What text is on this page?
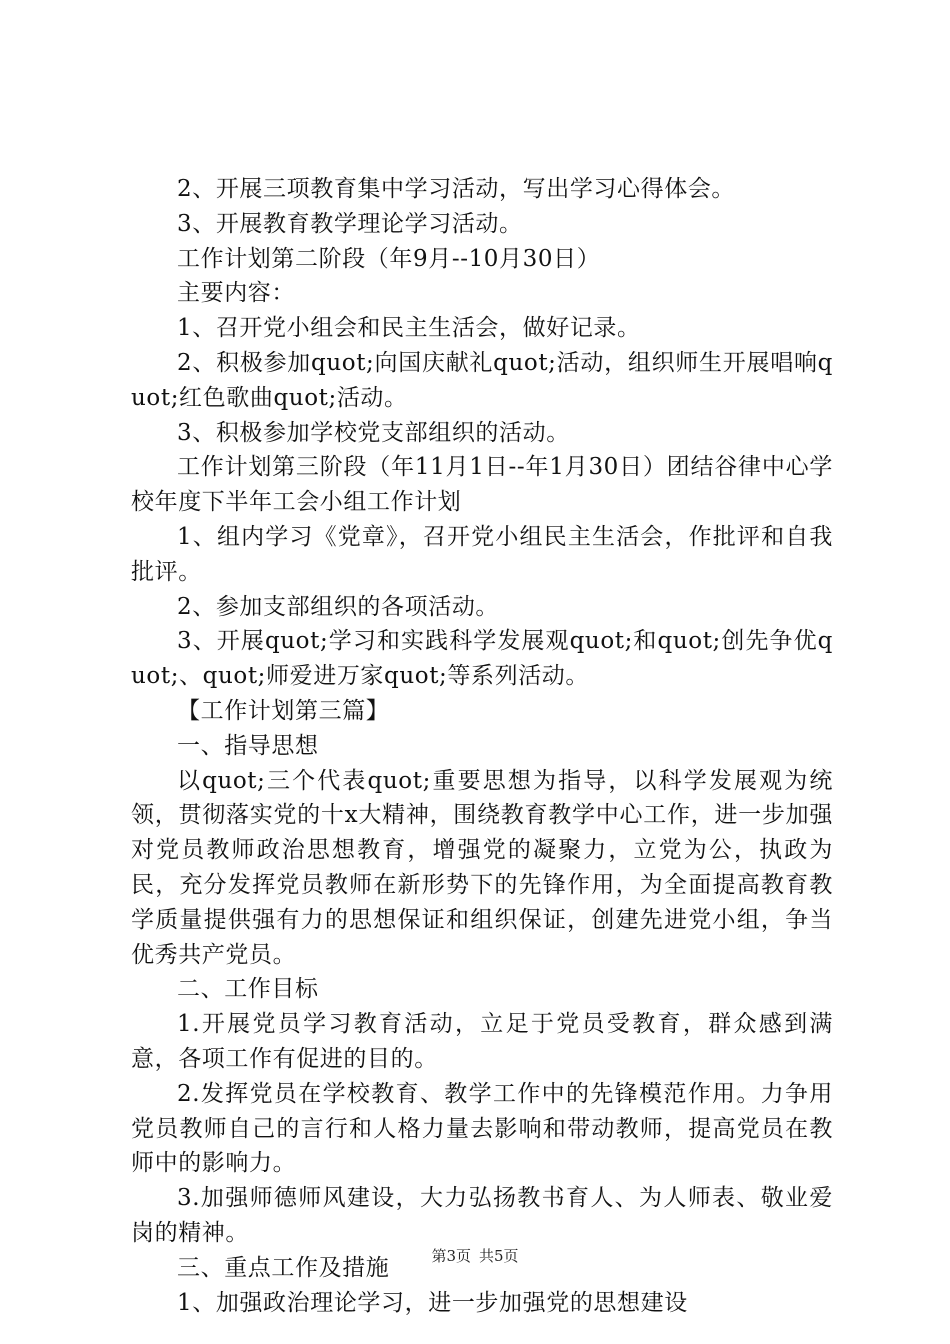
2、开展三项教育集中学习活动，写出学习心得体会。

3、开展教育教学理论学习活动。

工作计划第二阶段（年9月--10月30日）

主要内容：

1、召开党小组会和民主生活会，做好记录。

2、积极参加quot;向国庆献礼quot;活动，组织师生开展唱响quot;红色歌曲quot;活动。

3、积极参加学校党支部组织的活动。

工作计划第三阶段（年11月1日--年1月30日）团结谷律中心学校年度下半年工会小组工作计划

1、组内学习《党章》，召开党小组民主生活会，作批评和自我批评。

2、参加支部组织的各项活动。

3、开展quot;学习和实践科学发展观quot;和quot;创先争优quot;、quot;师爱进万家quot;等系列活动。

【工作计划第三篇】

一、指导思想

以quot;三个代表quot;重要思想为指导，以科学发展观为统领，贯彻落实党的十x大精神，围绕教育教学中心工作，进一步加强对党员教师政治思想教育，增强党的凝聚力，立党为公，执政为民，充分发挥党员教师在新形势下的先锋作用，为全面提高教育教学质量提供强有力的思想保证和组织保证，创建先进党小组，争当优秀共产党员。

二、工作目标

1.开展党员学习教育活动，立足于党员受教育，群众感到满意，各项工作有促进的目的。

2.发挥党员在学校教育、教学工作中的先锋模范作用。力争用党员教师自己的言行和人格力量去影响和带动教师，提高党员在教师中的影响力。

3.加强师德师风建设，大力弘扬教书育人、为人师表、敬业爱岗的精神。

三、重点工作及措施

1、加强政治理论学习，进一步加强党的思想建设

第3页 共5页
